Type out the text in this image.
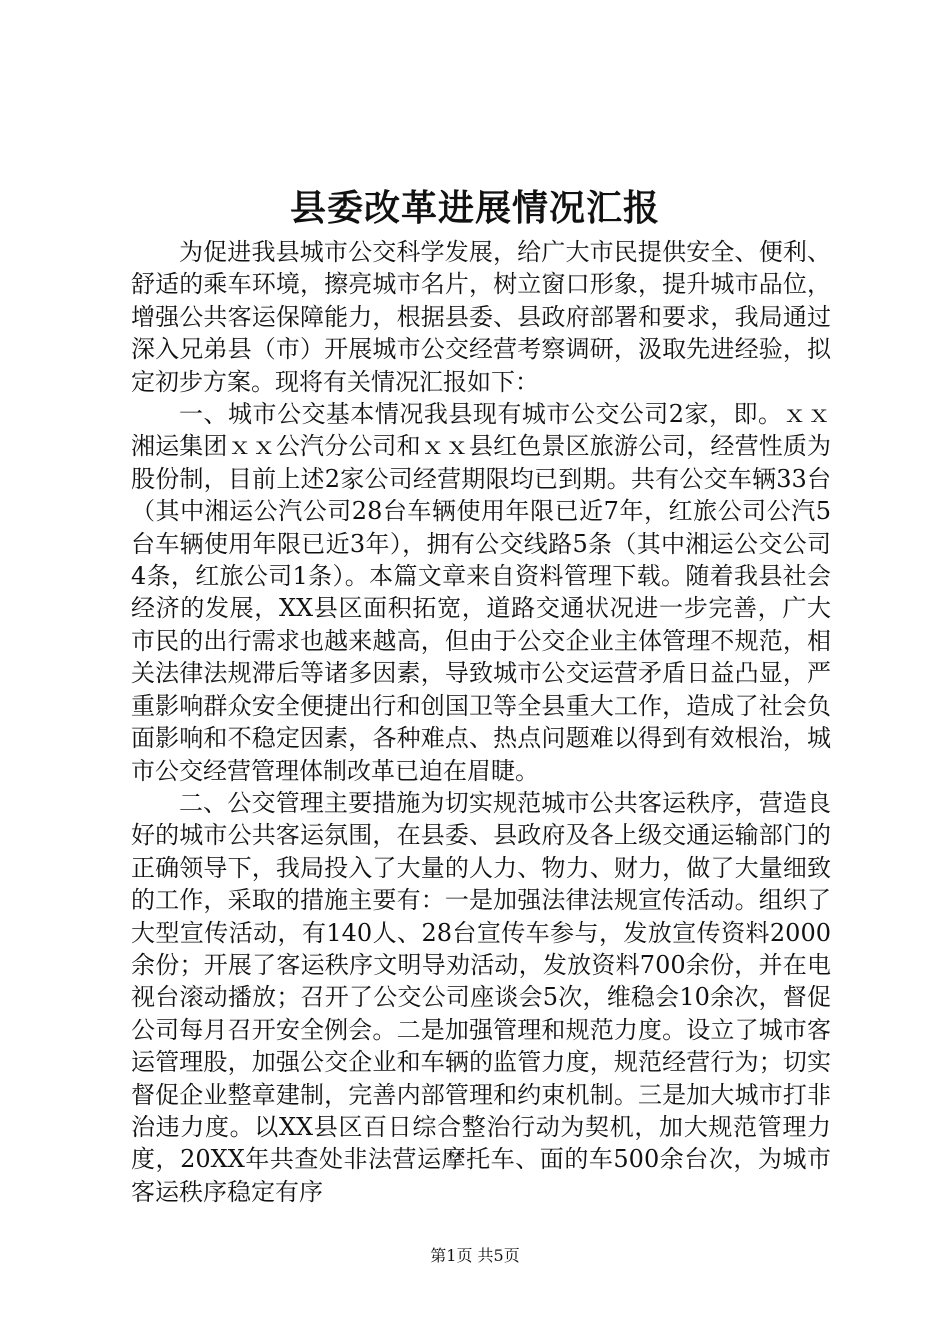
县委改革进展情况汇报

为促进我县城市公交科学发展，给广大市民提供安全、便利、舒适的乘车环境，擦亮城市名片，树立窗口形象，提升城市品位，增强公共客运保障能力，根据县委、县政府部署和要求，我局通过深入兄弟县（市）开展城市公交经营考察调研，汲取先进经验，拟定初步方案。现将有关情况汇报如下：

一、城市公交基本情况我县现有城市公交公司2家，即。ｘｘ湘运集团ｘｘ公汽分公司和ｘｘ县红色景区旅游公司，经营性质为股份制，目前上述2家公司经营期限均已到期。共有公交车辆33台（其中湘运公汽公司28台车辆使用年限已近7年，红旅公司公汽5台车辆使用年限已近3年），拥有公交线路5条（其中湘运公交公司4条，红旅公司1条）。本篇文章来自资料管理下载。随着我县社会经济的发展，XX县区面积拓宽，道路交通状况进一步完善，广大市民的出行需求也越来越高，但由于公交企业主体管理不规范，相关法律法规滞后等诸多因素，导致城市公交运营矛盾日益凸显，严重影响群众安全便捷出行和创国卫等全县重大工作，造成了社会负面影响和不稳定因素，各种难点、热点问题难以得到有效根治，城市公交经营管理体制改革已迫在眉睫。

二、公交管理主要措施为切实规范城市公共客运秩序，营造良好的城市公共客运氛围，在县委、县政府及各上级交通运输部门的正确领导下，我局投入了大量的人力、物力、财力，做了大量细致的工作，采取的措施主要有：一是加强法律法规宣传活动。组织了大型宣传活动，有140人、28台宣传车参与，发放宣传资料2000余份；开展了客运秩序文明导劝活动，发放资料700余份，并在电视台滚动播放；召开了公交公司座谈会5次，维稳会10余次，督促公司每月召开安全例会。二是加强管理和规范力度。设立了城市客运管理股，加强公交企业和车辆的监管力度，规范经营行为；切实督促企业整章建制，完善内部管理和约束机制。三是加大城市打非治违力度。以XX县区百日综合整治行动为契机，加大规范管理力度，20XX年共查处非法营运摩托车、面的车500余台次，为城市客运秩序稳定有序

第1页 共5页
